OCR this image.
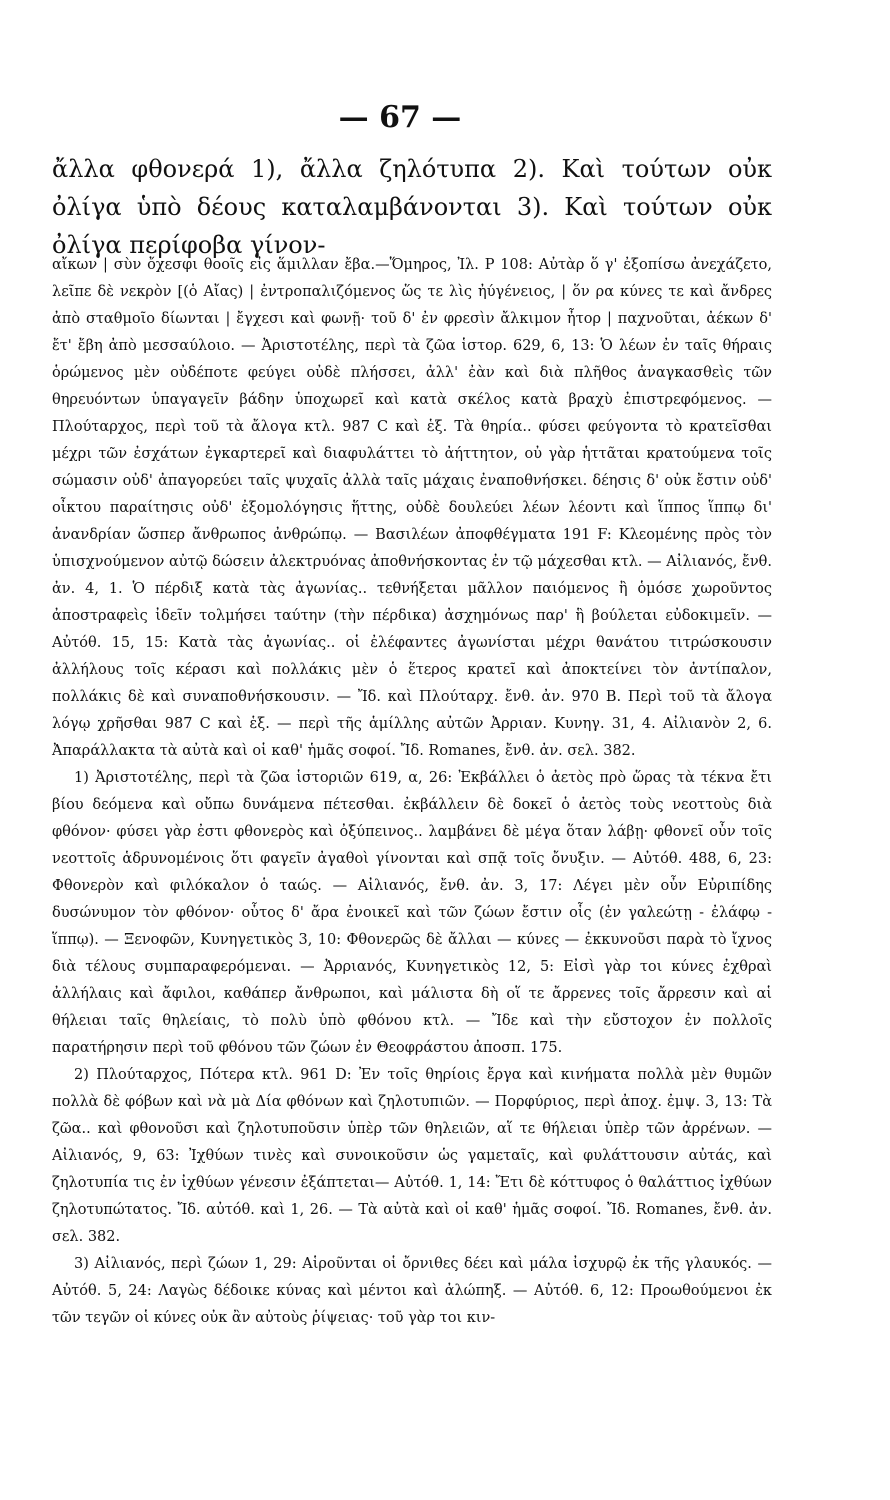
— 67 —
ἄλλα φθονερά 1), ἄλλα ζηλότυπα 2). Καὶ τούτων οὐκ ὀλίγα ὑπὸ δέους καταλαμβάνονται 3). Καὶ τούτων οὐκ ὀλίγα περίφοβα γίνον-

αἴκων | σὺν ὄχεσφι θοοῖς εἰς ἅμιλλαν ἔβα.—Ὅμηρος, Ἰλ. Ρ 108: Αὐτὰρ ὅ γ' ἐξοπίσω ἀνεχάζετο, λεῖπε δὲ νεκρὸν [(ὁ Αἴας) | ἐντροπαλιζόμενος ὥς τε λὶς ἠύγένειος, | ὅν ρα κύνες τε καὶ ἄνδρες ἀπὸ σταθμοῖο δίωνται | ἔγχεσι καὶ φωνῇ· τοῦ δ' ἐν φρεσὶν ἄλκιμον ἦτορ | παχνοῦται, ἀέκων δ' ἔτ' ἔβη ἀπὸ μεσσαύλοιο. — Ἀριστοτέλης, περὶ τὰ ζῶα ἱστορ. 629, 6, 13: Ὁ λέων ἐν ταῖς θήραις ὁρώμενος μὲν οὐδέποτε φεύγει οὐδὲ πλήσσει, ἀλλ' ἐὰν καὶ διὰ πλῆθος ἀναγκασθεὶς τῶν θηρευόντων ὑπαγαγεῖν βάδην ὑποχωρεῖ καὶ κατὰ σκέλος κατὰ βραχὺ ἐπιστρεφόμενος. — Πλούταρχος, περὶ τοῦ τὰ ἄλογα κτλ. 987 C καὶ ἑξ. Τὰ θηρία.. φύσει φεύγοντα τὸ κρατεῖσθαι μέχρι τῶν ἐσχάτων ἐγκαρτερεῖ καὶ διαφυλάττει τὸ ἀήττητον, οὐ γὰρ ἡττᾶται κρατούμενα τοῖς σώμασιν οὐδ' ἀπαγορεύει ταῖς ψυχαῖς ἀλλὰ ταῖς μάχαις ἐναποθνήσκει. δέησις δ' οὐκ ἔστιν οὐδ' οἶκτου παραίτησις οὐδ' ἐξομολόγησις ἥττης, οὐδὲ δουλεύει λέων λέοντι καὶ ἵππος ἵππῳ δι' ἀνανδρίαν ὥσπερ ἄνθρωπος ἀνθρώπῳ. — Βασιλέων ἀποφθέγματα 191 F: Κλεομένης πρὸς τὸν ὑπισχνούμενον αὐτῷ δώσειν ἀλεκτρυόνας ἀποθνήσκοντας ἐν τῷ μάχεσθαι κτλ. — Αἰλιανός, ἔνθ. ἀν. 4, 1. Ὁ πέρδιξ κατὰ τὰς ἀγωνίας.. τεθνήξεται μᾶλλον παιόμενος ἢ ὁμόσε χωροῦντος ἀποστραφεὶς ἰδεῖν τολμήσει ταύτην (τὴν πέρδικα) ἀσχημόνως παρ' ἣ βούλεται εὐδοκιμεῖν. — Αὐτόθ. 15, 15: Κατὰ τὰς ἀγωνίας.. οἱ ἐλέφαντες ἀγωνίσται μέχρι θανάτου τιτρώσκουσιν ἀλλήλους τοῖς κέρασι καὶ πολλάκις μὲν ὁ ἕτερος κρατεῖ καὶ ἀποκτείνει τὸν ἀντίπαλον, πολλάκις δὲ καὶ συναποθνήσκουσιν. — Ἴδ. καὶ Πλούταρχ. ἔνθ. ἀν. 970 B. Περὶ τοῦ τὰ ἄλογα λόγῳ χρῆσθαι 987 C καὶ ἑξ. — περὶ τῆς ἁμίλλης αὐτῶν Ἀρριαν. Κυνηγ. 31, 4. Αἰλιανὸν 2, 6. Ἀπαράλλακτα τὰ αὐτὰ καὶ οἱ καθ' ἡμᾶς σοφοί. Ἴδ. Romanes, ἔνθ. ἀν. σελ. 382.

1) Ἀριστοτέλης, περὶ τὰ ζῶα ἱστοριῶν 619, α, 26: Ἐκβάλλει ὁ ἀετὸς πρὸ ὥρας τὰ τέκνα ἔτι βίου δεόμενα καὶ οὔπω δυνάμενα πέτεσθαι. ἐκβάλλειν δὲ δοκεῖ ὁ ἀετὸς τοὺς νεοττοὺς διὰ φθόνον· φύσει γὰρ ἐστι φθονερὸς καὶ ὀξύπεινος.. λαμβάνει δὲ μέγα ὅταν λάβῃ· φθονεῖ οὖν τοῖς νεοττοῖς ἁδρυνομένοις ὅτι φαγεῖν ἀγαθοὶ γίνονται καὶ σπᾷ τοῖς ὄνυξιν. — Αὐτόθ. 488, 6, 23: Φθονερὸν καὶ φιλόκαλον ὁ ταώς. — Αἰλιανός, ἔνθ. ἀν. 3, 17: Λέγει μὲν οὖν Εὐριπίδης δυσώνυμον τὸν φθόνον· οὗτος δ' ἄρα ἐνοικεῖ καὶ τῶν ζώων ἔστιν οἷς (ἐν γαλεώτῃ - ἐλάφῳ - ἵππῳ). — Ξενοφῶν, Κυνηγετικὸς 3, 10: Φθονερῶς δὲ ἄλλαι — κύνες — ἐκκυνοῦσι παρὰ τὸ ἴχνος διὰ τέλους συμπαραφερόμεναι. — Ἀρριανός, Κυνηγετικὸς 12, 5: Εἰσὶ γὰρ τοι κύνες ἐχθραὶ ἀλλήλαις καὶ ἄφιλοι, καθάπερ ἄνθρωποι, καὶ μάλιστα δὴ οἵ τε ἄρρενες τοῖς ἄρρεσιν καὶ αἱ θήλειαι ταῖς θηλείαις, τὸ πολὺ ὑπὸ φθόνου κτλ. — Ἴδε καὶ τὴν εὔστοχον ἐν πολλοῖς παρατήρησιν περὶ τοῦ φθόνου τῶν ζώων ἐν Θεοφράστου ἀποσπ. 175.

2) Πλούταρχος, Πότερα κτλ. 961 D: Ἐν τοῖς θηρίοις ἔργα καὶ κινήματα πολλὰ μὲν θυμῶν πολλὰ δὲ φόβων καὶ νὰ μὰ Δία φθόνων καὶ ζηλοτυπιῶν. — Πορφύριος, περὶ ἀποχ. ἐμψ. 3, 13: Τὰ ζῶα.. καὶ φθονοῦσι καὶ ζηλοτυποῦσιν ὑπὲρ τῶν θηλειῶν, αἵ τε θήλειαι ὑπὲρ τῶν ἀρρένων. — Αἰλιανός, 9, 63: Ἰχθύων τινὲς καὶ συνοικοῦσιν ὡς γαμεταῖς, καὶ φυλάττουσιν αὐτάς, καὶ ζηλοτυπία τις ἐν ἰχθύων γένεσιν ἐξάπτεται— Αὐτόθ. 1, 14: Ἔτι δὲ κόττυφος ὁ θαλάττιος ἰχθύων ζηλοτυπώτατος. Ἴδ. αὐτόθ. καὶ 1, 26. — Τὰ αὐτὰ καὶ οἱ καθ' ἡμᾶς σοφοί. Ἴδ. Romanes, ἔνθ. ἀν. σελ. 382.

3) Αἰλιανός, περὶ ζώων 1, 29: Αἱροῦνται οἱ ὄρνιθες δέει καὶ μάλα ἰσχυρῷ ἐκ τῆς γλαυκός. — Αὐτόθ. 5, 24: Λαγὼς δέδοικε κύνας καὶ μέντοι καὶ ἀλώπηξ. — Αὐτόθ. 6, 12: Προωθούμενοι ἐκ τῶν τεγῶν οἱ κύνες οὐκ ἂν αὐτοὺς ῥίψειας· τοῦ γὰρ τοι κιν-
